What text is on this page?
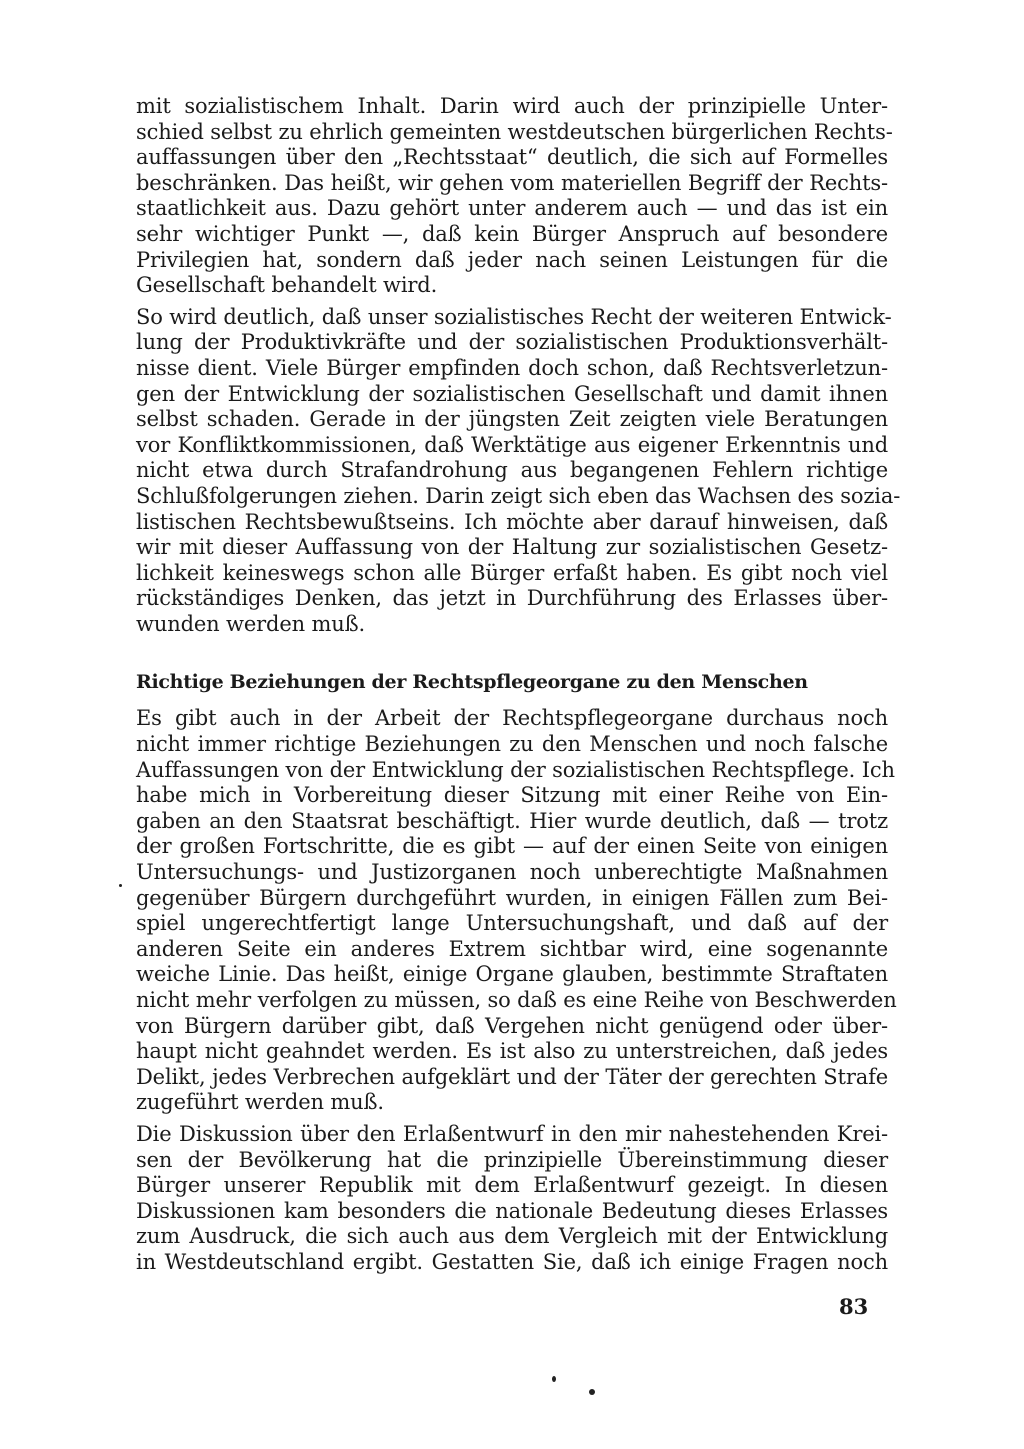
mit sozialistischem Inhalt. Darin wird auch der prinzipielle Unter-
schied selbst zu ehrlich gemeinten westdeutschen bürgerlichen Rechts-
auffassungen über den „Rechtsstaat“ deutlich, die sich auf Formelles
beschränken. Das heißt, wir gehen vom materiellen Begriff der Rechts-
staatlichkeit aus. Dazu gehört unter anderem auch — und das ist ein
sehr wichtiger Punkt —, daß kein Bürger Anspruch auf besondere
Privilegien hat, sondern daß jeder nach seinen Leistungen für die
Gesellschaft behandelt wird.
So wird deutlich, daß unser sozialistisches Recht der weiteren Entwick-
lung der Produktivkräfte und der sozialistischen Produktionsverhält-
nisse dient. Viele Bürger empfinden doch schon, daß Rechtsverletzun-
gen der Entwicklung der sozialistischen Gesellschaft und damit ihnen
selbst schaden. Gerade in der jüngsten Zeit zeigten viele Beratungen
vor Konfliktkommissionen, daß Werktätige aus eigener Erkenntnis und
nicht etwa durch Strafandrohung aus begangenen Fehlern richtige
Schlußfolgerungen ziehen. Darin zeigt sich eben das Wachsen des sozia-
listischen Rechtsbewußtseins. Ich möchte aber darauf hinweisen, daß
wir mit dieser Auffassung von der Haltung zur sozialistischen Gesetz-
lichkeit keineswegs schon alle Bürger erfaßt haben. Es gibt noch viel
rückständiges Denken, das jetzt in Durchführung des Erlasses über-
wunden werden muß.
Richtige Beziehungen der Rechtspflegeorgane zu den Menschen
Es gibt auch in der Arbeit der Rechtspflegeorgane durchaus noch
nicht immer richtige Beziehungen zu den Menschen und noch falsche
Auffassungen von der Entwicklung der sozialistischen Rechtspflege. Ich
habe mich in Vorbereitung dieser Sitzung mit einer Reihe von Ein-
gaben an den Staatsrat beschäftigt. Hier wurde deutlich, daß — trotz
der großen Fortschritte, die es gibt — auf der einen Seite von einigen
Untersuchungs- und Justizorganen noch unberechtigte Maßnahmen
gegenüber Bürgern durchgeführt wurden, in einigen Fällen zum Bei-
spiel ungerechtfertigt lange Untersuchungshaft, und daß auf der
anderen Seite ein anderes Extrem sichtbar wird, eine sogenannte
weiche Linie. Das heißt, einige Organe glauben, bestimmte Straftaten
nicht mehr verfolgen zu müssen, so daß es eine Reihe von Beschwerden
von Bürgern darüber gibt, daß Vergehen nicht genügend oder über-
haupt nicht geahndet werden. Es ist also zu unterstreichen, daß jedes
Delikt, jedes Verbrechen aufgeklärt und der Täter der gerechten Strafe
zugeführt werden muß.
Die Diskussion über den Erlaßentwurf in den mir nahestehenden Krei-
sen der Bevölkerung hat die prinzipielle Übereinstimmung dieser
Bürger unserer Republik mit dem Erlaßentwurf gezeigt. In diesen
Diskussionen kam besonders die nationale Bedeutung dieses Erlasses
zum Ausdruck, die sich auch aus dem Vergleich mit der Entwicklung
in Westdeutschland ergibt. Gestatten Sie, daß ich einige Fragen noch
83
